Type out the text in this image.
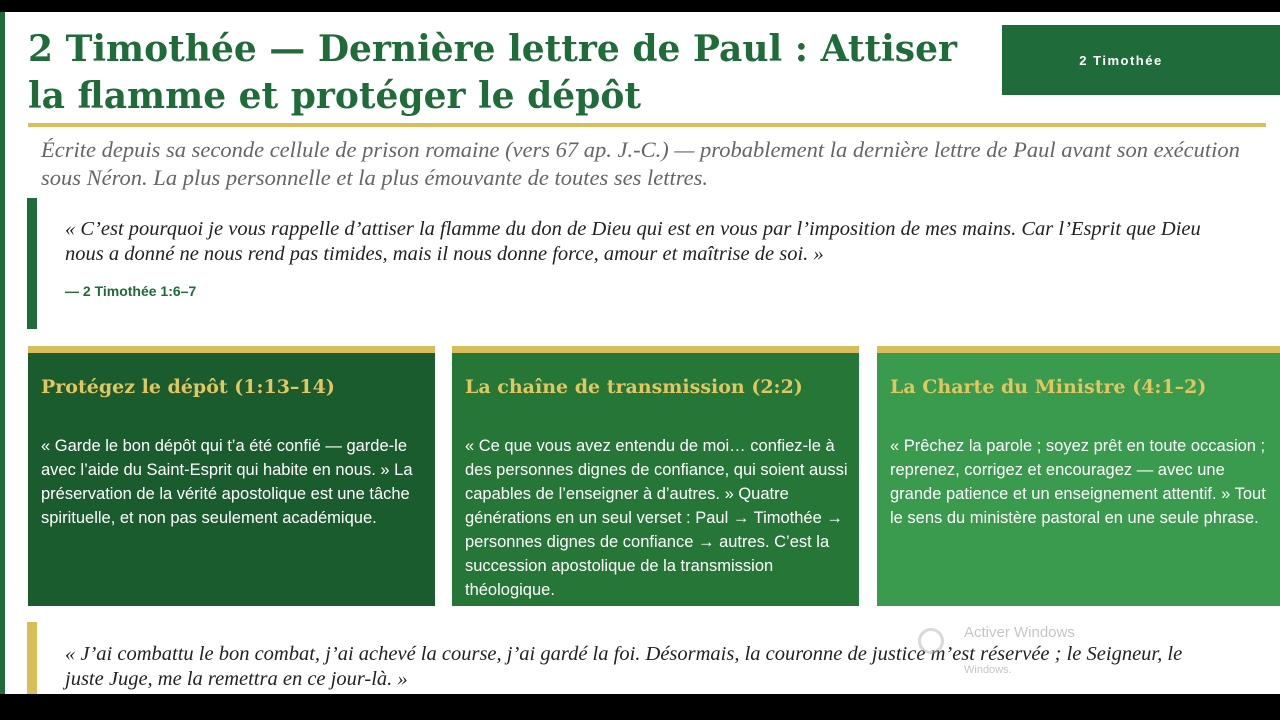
2 Timothée — Dernière lettre de Paul : Attiser la flamme et protéger le dépôt
2 Timothée

Écrite depuis sa seconde cellule de prison romaine (vers 67 ap. J.-C.) — probablement la dernière lettre de Paul avant son exécution sous Néron. La plus personnelle et la plus émouvante de toutes ses lettres.

« C’est pourquoi je vous rappelle d’attiser la flamme du don de Dieu qui est en vous par l’imposition de mes mains. Car l’Esprit que Dieu nous a donné ne nous rend pas timides, mais il nous donne force, amour et maîtrise de soi. »

— 2 Timothée 1:6–7
Protégez le dépôt (1:13–14)

« Garde le bon dépôt qui t’a été confié — garde-le avec l’aide du Saint-Esprit qui habite en nous. » La préservation de la vérité apostolique est une tâche spirituelle, et non pas seulement académique.

La chaîne de transmission (2:2)

« Ce que vous avez entendu de moi… confiez-le à des personnes dignes de confiance, qui soient aussi capables de l’enseigner à d’autres. » Quatre générations en un seul verset : Paul → Timothée → personnes dignes de confiance → autres. C’est la succession apostolique de la transmission théologique.

La Charte du Ministre (4:1–2)

« Prêchez la parole ; soyez prêt en toute occasion ; reprenez, corrigez et encouragez — avec une grande patience et un enseignement attentif. » Tout le sens du ministère pastoral en une seule phrase.

« J’ai combattu le bon combat, j’ai achevé la course, j’ai gardé la foi. Désormais, la couronne de justice m’est réservée ; le Seigneur, le juste Juge, me la remettra en ce jour-là. »

Activer Windows
Windows.
